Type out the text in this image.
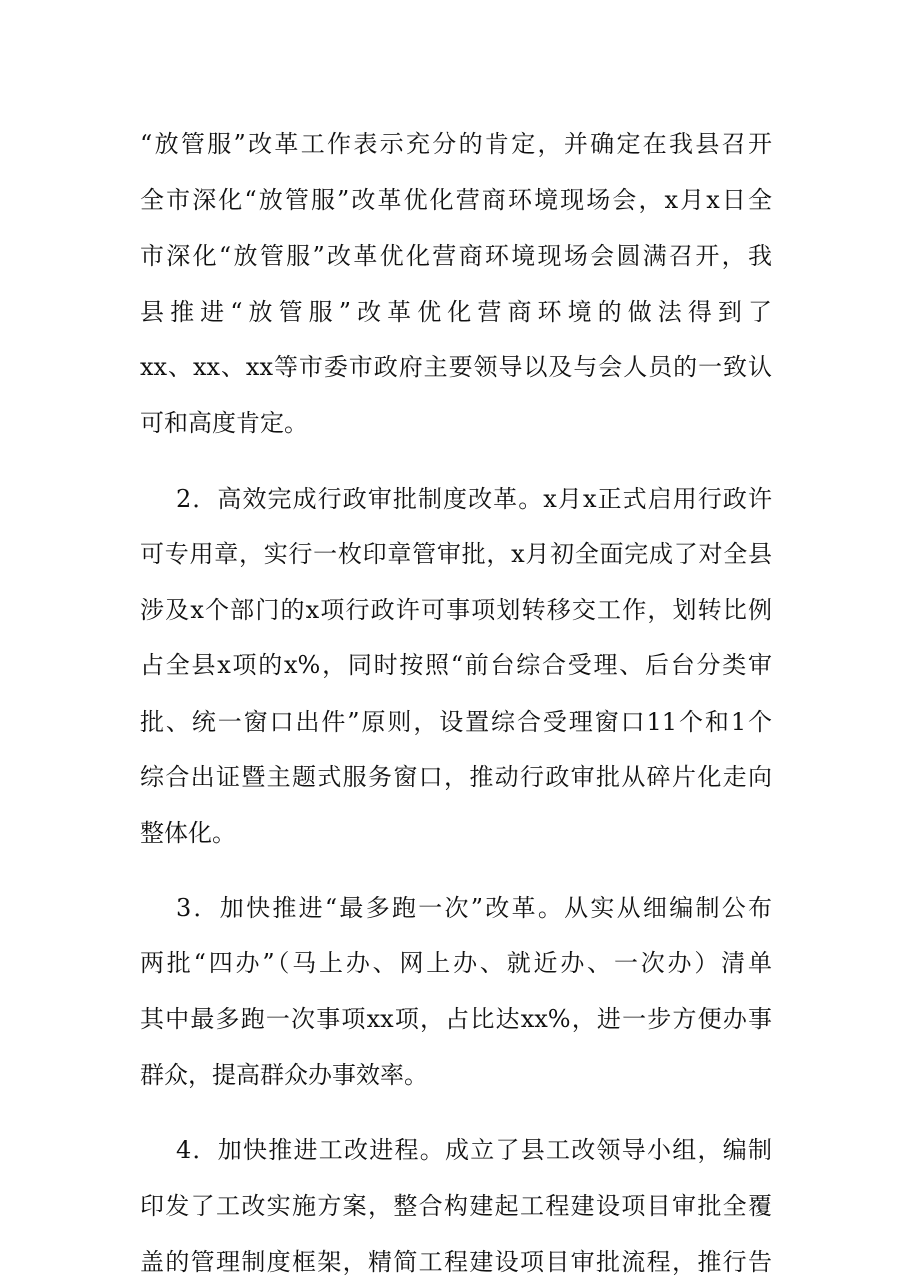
“放管服”改革工作表示充分的肯定，并确定在我县召开
全市深化“放管服”改革优化营商环境现场会，x月x日全
市深化“放管服”改革优化营商环境现场会圆满召开，我
县推进“放管服”改革优化营商环境的做法得到了
xx、xx、xx等市委市政府主要领导以及与会人员的一致认
可和高度肯定。
2．高效完成行政审批制度改革。x月x正式启用行政许
可专用章，实行一枚印章管审批，x月初全面完成了对全县
涉及x个部门的x项行政许可事项划转移交工作，划转比例
占全县x项的x%，同时按照“前台综合受理、后台分类审
批、统一窗口出件”原则，设置综合受理窗口11个和1个
综合出证暨主题式服务窗口，推动行政审批从碎片化走向
整体化。
3．加快推进“最多跑一次”改革。从实从细编制公布
两批“四办”（马上办、网上办、就近办、一次办）清单
其中最多跑一次事项xx项，占比达xx%，进一步方便办事
群众，提高群众办事效率。
4．加快推进工改进程。成立了县工改领导小组，编制
印发了工改实施方案，整合构建起工程建设项目审批全覆
盖的管理制度框架，精简工程建设项目审批流程，推行告
